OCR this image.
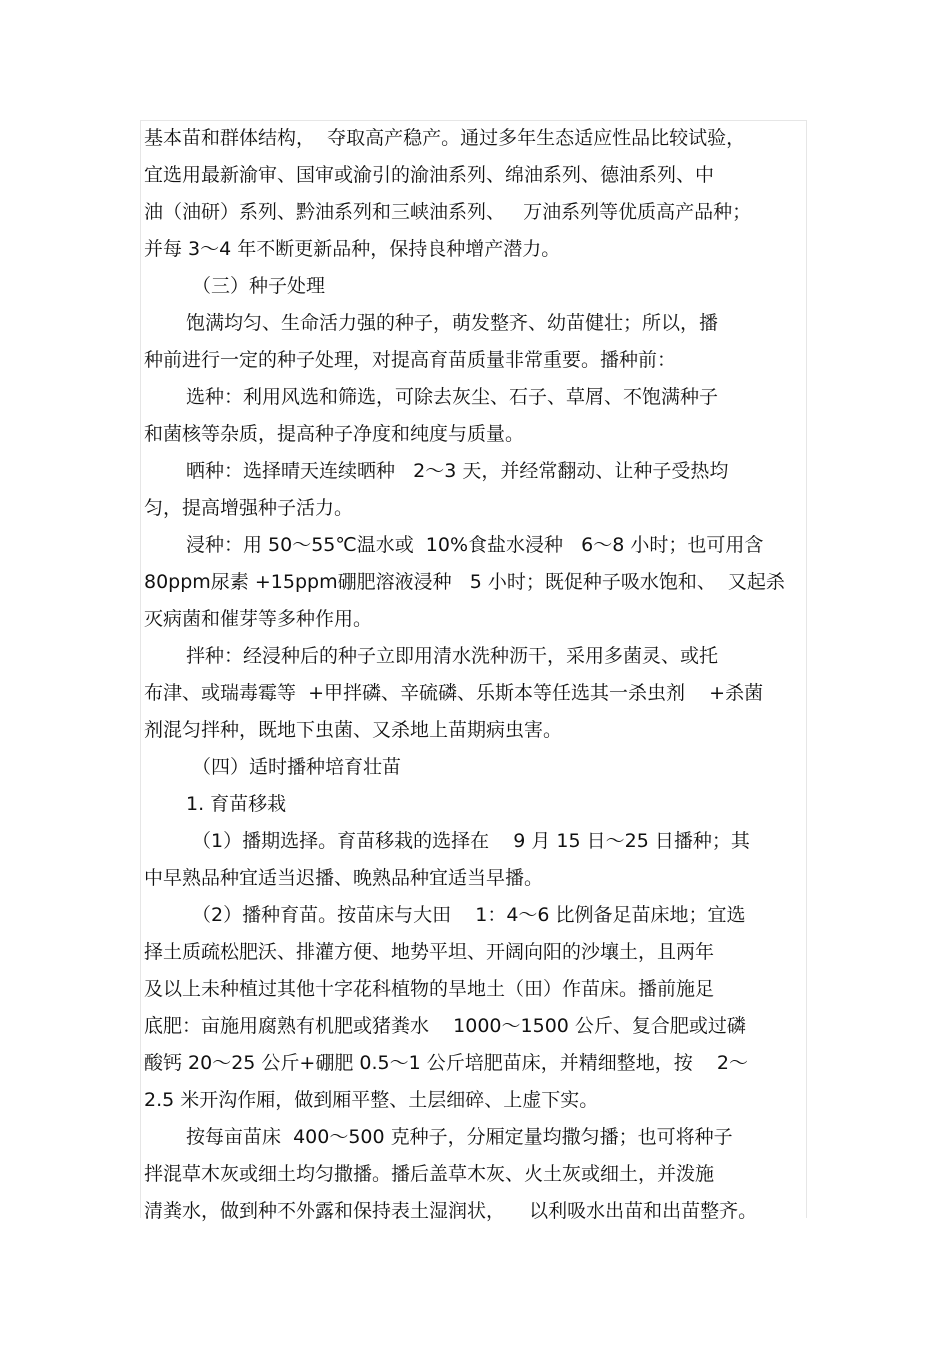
基本苗和群体结构，  夺取高产稳产。通过多年生态适应性品比较试验，
宜选用最新渝审、国审或渝引的渝油系列、绵油系列、德油系列、中
油（油研）系列、黔油系列和三峡油系列、   万油系列等优质高产品种；
并每 3～4 年不断更新品种，保持良种增产潜力。
（三）种子处理
饱满均匀、生命活力强的种子，萌发整齐、幼苗健壮；所以，播
种前进行一定的种子处理，对提高育苗质量非常重要。播种前：
选种：利用风选和筛选，可除去灰尘、石子、草屑、不饱满种子
和菌核等杂质，提高种子净度和纯度与质量。
晒种：选择晴天连续晒种   2～3 天，并经常翻动、让种子受热均
匀，提高增强种子活力。
浸种：用 50～55℃温水或  10%食盐水浸种   6～8 小时；也可用含
80ppm尿素 +15ppm硼肥溶液浸种   5 小时；既促种子吸水饱和、  又起杀
灭病菌和催芽等多种作用。
拌种：经浸种后的种子立即用清水洗种沥干，采用多菌灵、或托
布津、或瑞毒霉等  +甲拌磷、辛硫磷、乐斯本等任选其一杀虫剂    +杀菌
剂混匀拌种，既地下虫菌、又杀地上苗期病虫害。
（四）适时播种培育壮苗
1. 育苗移栽
（1）播期选择。育苗移栽的选择在    9 月 15 日～25 日播种；其
中早熟品种宜适当迟播、晚熟品种宜适当早播。
（2）播种育苗。按苗床与大田    1：4～6 比例备足苗床地；宜选
择土质疏松肥沃、排灌方便、地势平坦、开阔向阳的沙壤土，且两年
及以上未种植过其他十字花科植物的旱地土（田）作苗床。播前施足
底肥：亩施用腐熟有机肥或猪粪水    1000～1500 公斤、复合肥或过磷
酸钙 20～25 公斤+硼肥 0.5～1 公斤培肥苗床，并精细整地，按    2～
2.5 米开沟作厢，做到厢平整、土层细碎、上虚下实。
按每亩苗床  400～500 克种子，分厢定量均撒匀播；也可将种子
拌混草木灰或细土均匀撒播。播后盖草木灰、火土灰或细土，并泼施
清粪水，做到种不外露和保持表土湿润状，    以利吸水出苗和出苗整齐。
